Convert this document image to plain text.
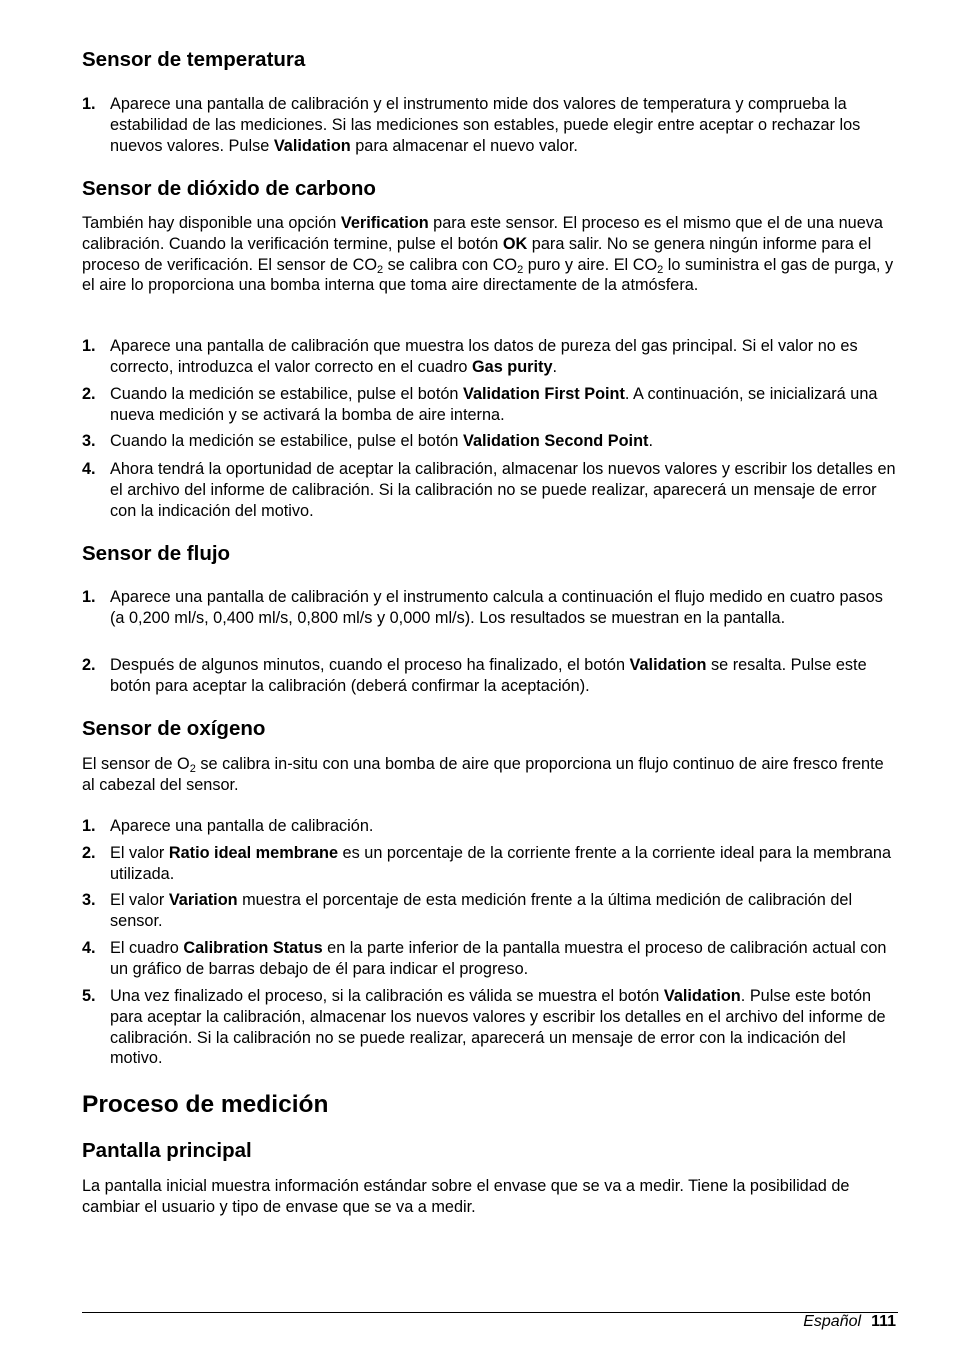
Sensor de temperatura
1. Aparece una pantalla de calibración y el instrumento mide dos valores de temperatura y comprueba la estabilidad de las mediciones. Si las mediciones son estables, puede elegir entre aceptar o rechazar los nuevos valores. Pulse Validation para almacenar el nuevo valor.
Sensor de dióxido de carbono

También hay disponible una opción Verification para este sensor. El proceso es el mismo que el de una nueva calibración. Cuando la verificación termine, pulse el botón OK para salir. No se genera ningún informe para el proceso de verificación. El sensor de $CO_2$ se calibra con $CO_2$ puro y aire. El $CO_2$ lo suministra el gas de purga, y el aire lo proporciona una bomba interna que toma aire directamente de la atmósfera.

1. Aparece una pantalla de calibración que muestra los datos de pureza del gas principal. Si el valor no es correcto, introduzca el valor correcto en el cuadro Gas purity.
2. Cuando la medición se estabilice, pulse el botón Validation First Point. A continuación, se inicializará una nueva medición y se activará la bomba de aire interna.
3. Cuando la medición se estabilice, pulse el botón Validation Second Point.
4. Ahora tendrá la oportunidad de aceptar la calibración, almacenar los nuevos valores y escribir los detalles en el archivo del informe de calibración. Si la calibración no se puede realizar, aparecerá un mensaje de error con la indicación del motivo.
Sensor de flujo
1. Aparece una pantalla de calibración y el instrumento calcula a continuación el flujo medido en cuatro pasos (a 0,200 ml/s, 0,400 ml/s, 0,800 ml/s y 0,000 ml/s). Los resultados se muestran en la pantalla.
2. Después de algunos minutos, cuando el proceso ha finalizado, el botón Validation se resalta. Pulse este botón para aceptar la calibración (deberá confirmar la aceptación).
Sensor de oxígeno

El sensor de $O_2$ se calibra in-situ con una bomba de aire que proporciona un flujo continuo de aire fresco frente al cabezal del sensor.

1. Aparece una pantalla de calibración.
2. El valor Ratio ideal membrane es un porcentaje de la corriente frente a la corriente ideal para la membrana utilizada.
3. El valor Variation muestra el porcentaje de esta medición frente a la última medición de calibración del sensor.
4. El cuadro Calibration Status en la parte inferior de la pantalla muestra el proceso de calibración actual con un gráfico de barras debajo de él para indicar el progreso.
5. Una vez finalizado el proceso, si la calibración es válida se muestra el botón Validation. Pulse este botón para aceptar la calibración, almacenar los nuevos valores y escribir los detalles en el archivo del informe de calibración. Si la calibración no se puede realizar, aparecerá un mensaje de error con la indicación del motivo.
Proceso de medición
Pantalla principal

La pantalla inicial muestra información estándar sobre el envase que se va a medir. Tiene la posibilidad de cambiar el usuario y tipo de envase que se va a medir.

Español 111
